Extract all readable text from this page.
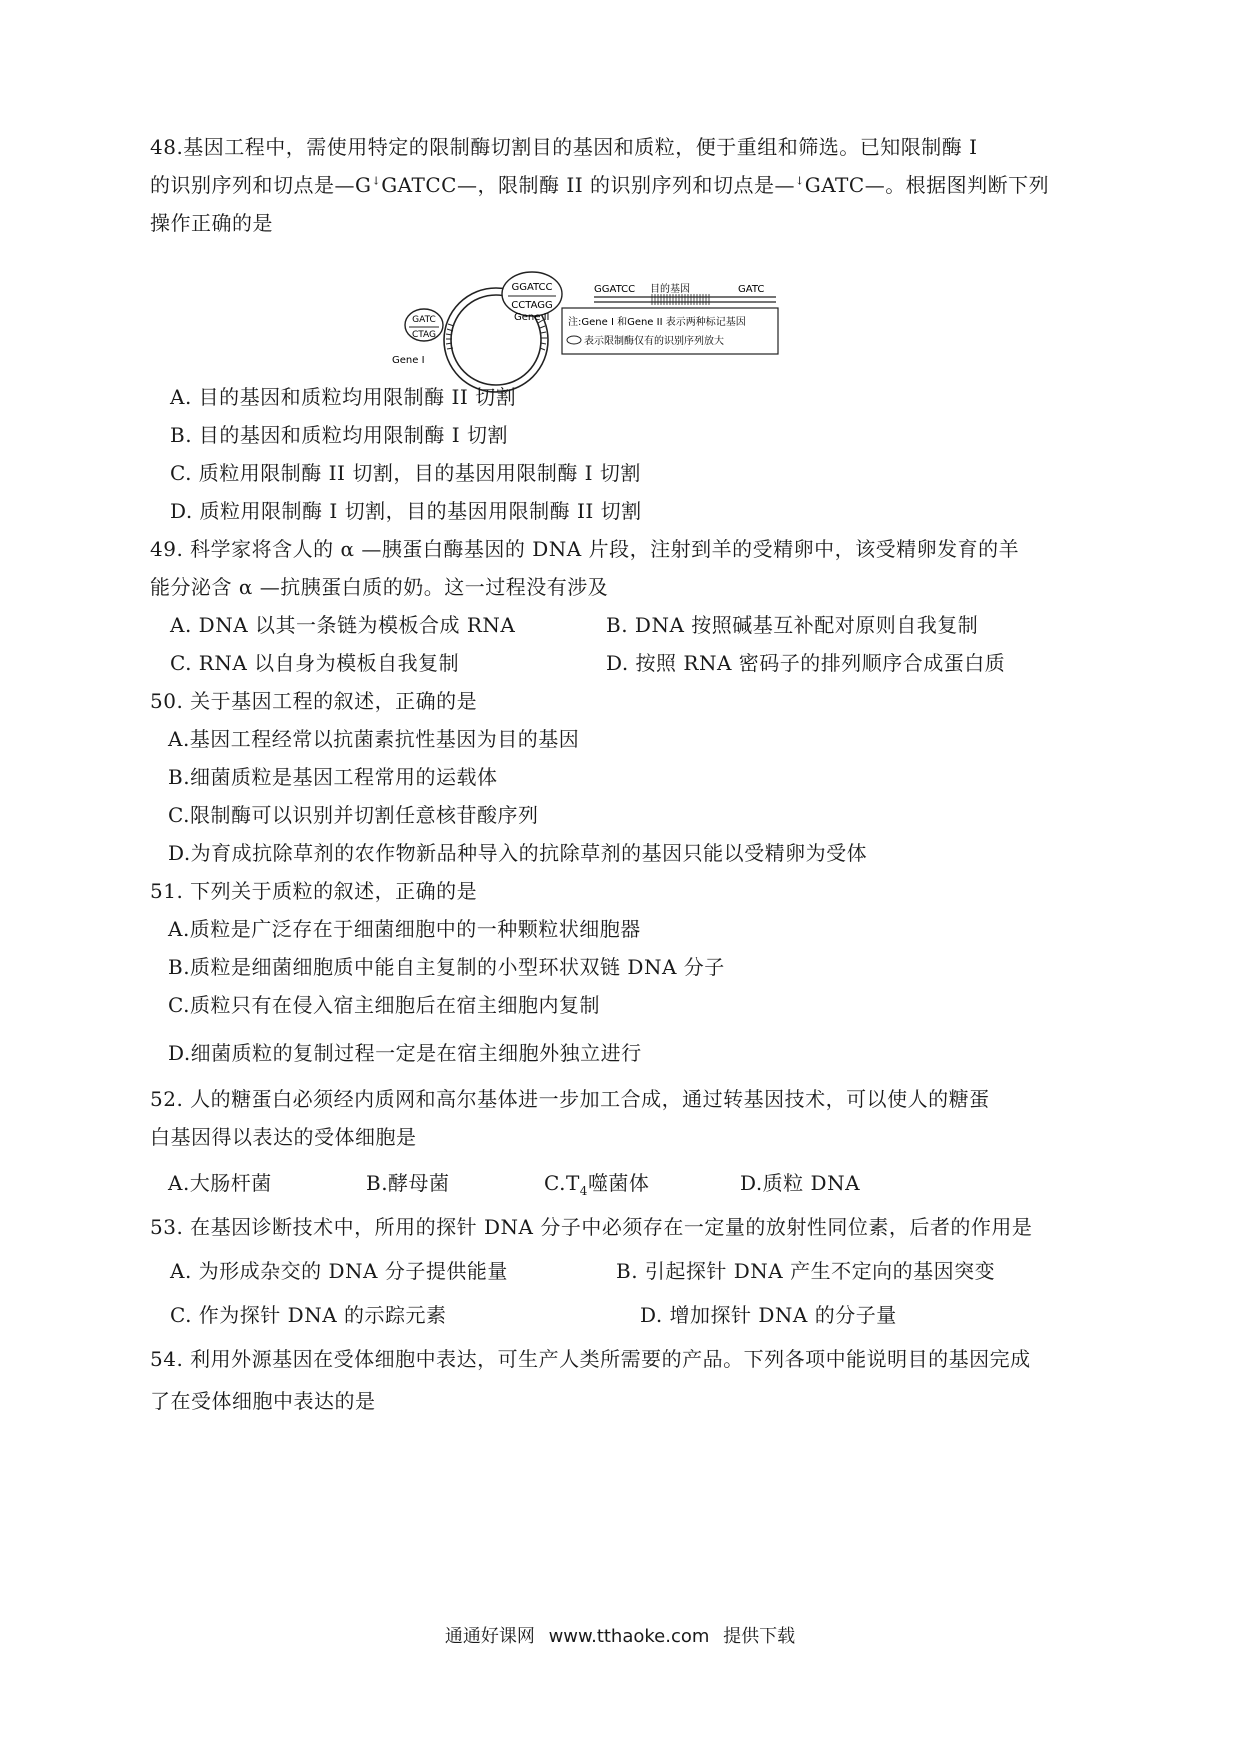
48.基因工程中，需使用特定的限制酶切割目的基因和质粒，便于重组和筛选。已知限制酶 I
的识别序列和切点是—G↓GATCC—，限制酶 II 的识别序列和切点是—↓GATC—。根据图判断下列
操作正确的是
GGATCC
CCTAGG
GATC
CTAG
Gene II
Gene I
GGATCC 目的基因	GATC
注:Gene I 和Gene II 表示两种标记基因
表示限制酶仅有的识别序列放大
A. 目的基因和质粒均用限制酶 II 切割
B. 目的基因和质粒均用限制酶 I 切割
C. 质粒用限制酶 II 切割，目的基因用限制酶 I 切割
D. 质粒用限制酶 I 切割，目的基因用限制酶 II 切割
49. 科学家将含人的 α —胰蛋白酶基因的 DNA 片段，注射到羊的受精卵中，该受精卵发育的羊
能分泌含 α —抗胰蛋白质的奶。这一过程没有涉及
A. DNA 以其一条链为模板合成 RNA	B. DNA 按照碱基互补配对原则自我复制
C. RNA 以自身为模板自我复制	D. 按照 RNA 密码子的排列顺序合成蛋白质
50. 关于基因工程的叙述，正确的是
A.基因工程经常以抗菌素抗性基因为目的基因
B.细菌质粒是基因工程常用的运载体
C.限制酶可以识别并切割任意核苷酸序列
D.为育成抗除草剂的农作物新品种导入的抗除草剂的基因只能以受精卵为受体
51. 下列关于质粒的叙述，正确的是
A.质粒是广泛存在于细菌细胞中的一种颗粒状细胞器
B.质粒是细菌细胞质中能自主复制的小型环状双链 DNA 分子
C.质粒只有在侵入宿主细胞后在宿主细胞内复制
D.细菌质粒的复制过程一定是在宿主细胞外独立进行
52. 人的糖蛋白必须经内质网和高尔基体进一步加工合成，通过转基因技术，可以使人的糖蛋
白基因得以表达的受体细胞是
A.大肠杆菌	B.酵母菌	$C.T_4$噬菌体	D.质粒 DNA
53. 在基因诊断技术中，所用的探针 DNA 分子中必须存在一定量的放射性同位素，后者的作用是
A. 为形成杂交的 DNA 分子提供能量	B. 引起探针 DNA 产生不定向的基因突变
C. 作为探针 DNA 的示踪元素	D. 增加探针 DNA 的分子量
54. 利用外源基因在受体细胞中表达，可生产人类所需要的产品。下列各项中能说明目的基因完成
了在受体细胞中表达的是
通通好课网 www.tthaoke.com 提供下载
